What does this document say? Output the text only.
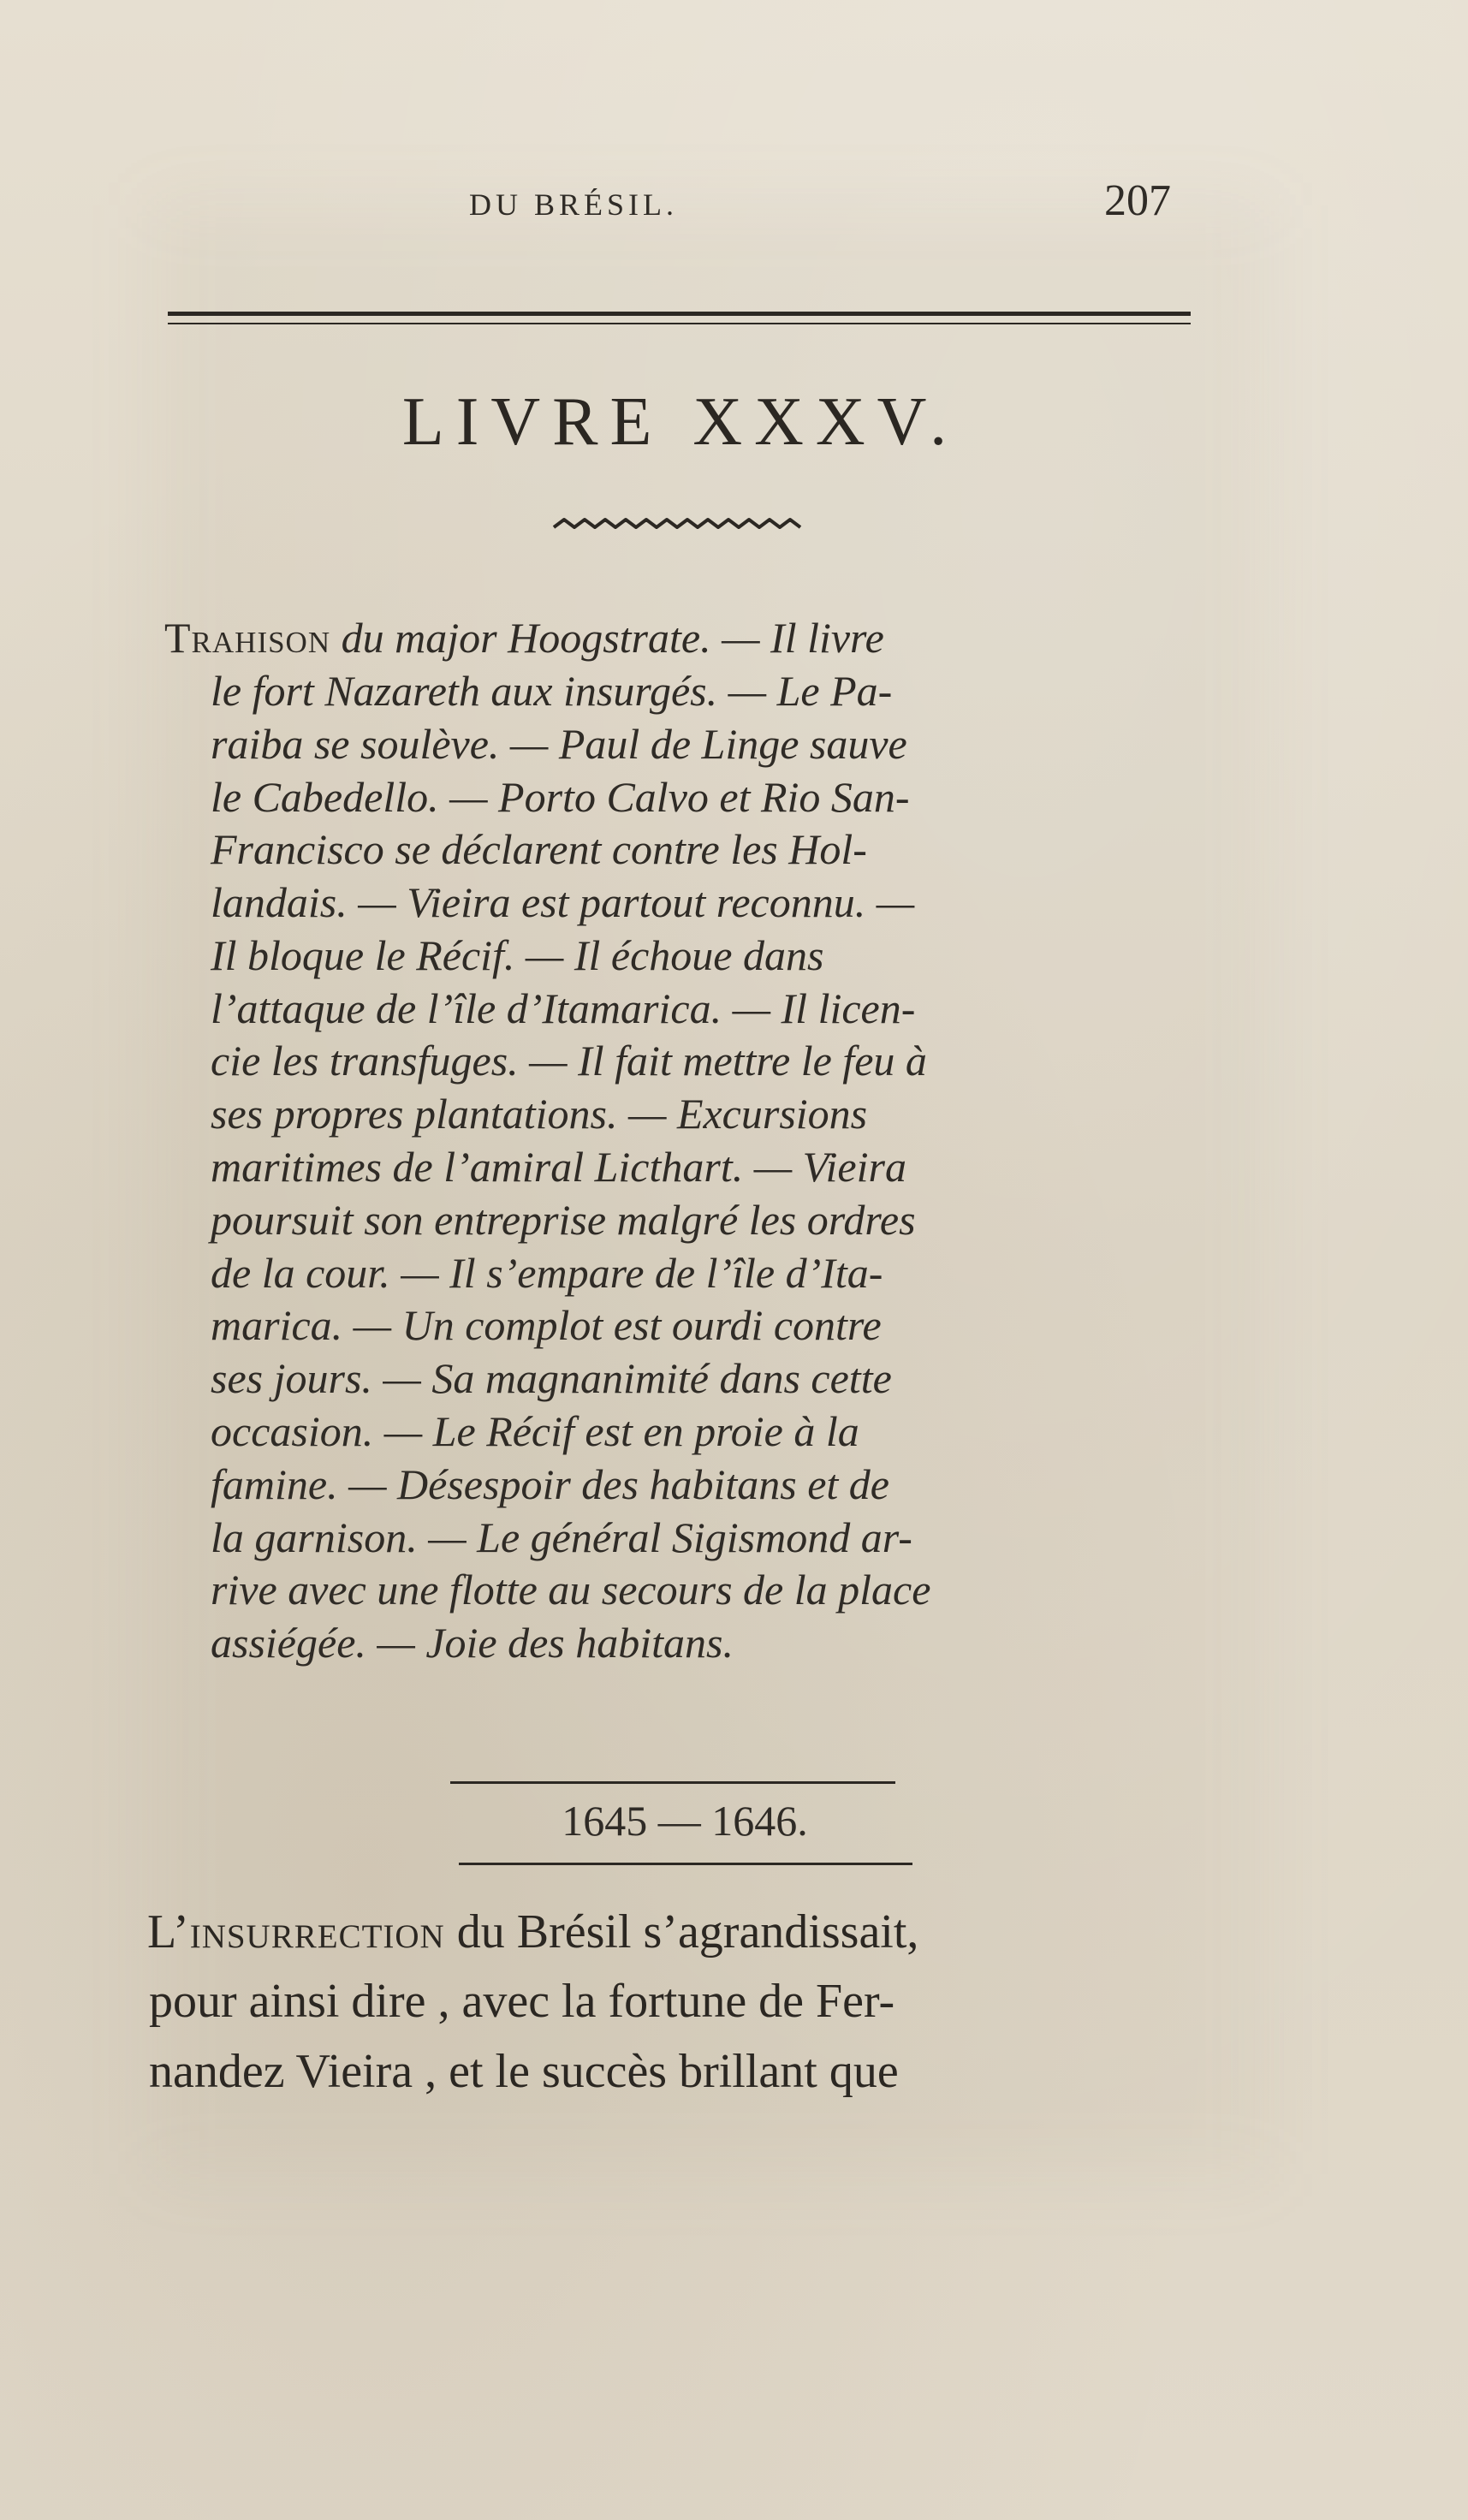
DU BRÉSIL.	207
LIVRE XXXV.
Trahison du major Hoogstrate. — Il livre
le fort Nazareth aux insurgés. — Le Pa-
raiba se soulève. — Paul de Linge sauve
le Cabedello. — Porto Calvo et Rio San-
Francisco se déclarent contre les Hol-
landais. — Vieira est partout reconnu. —
Il bloque le Récif. — Il échoue dans
l’attaque de l’île d’Itamarica. — Il licen-
cie les transfuges. — Il fait mettre le feu à
ses propres plantations. — Excursions
maritimes de l’amiral Licthart. — Vieira
poursuit son entreprise malgré les ordres
de la cour. — Il s’empare de l’île d’Ita-
marica. — Un complot est ourdi contre
ses jours. — Sa magnanimité dans cette
occasion. — Le Récif est en proie à la
famine. — Désespoir des habitans et de
la garnison. — Le général Sigismond ar-
rive avec une flotte au secours de la place
assiégée. — Joie des habitans.
1645 — 1646.
L’insurrection du Brésil s’agrandissait,
pour ainsi dire , avec la fortune de Fer-
nandez Vieira , et le succès brillant que
